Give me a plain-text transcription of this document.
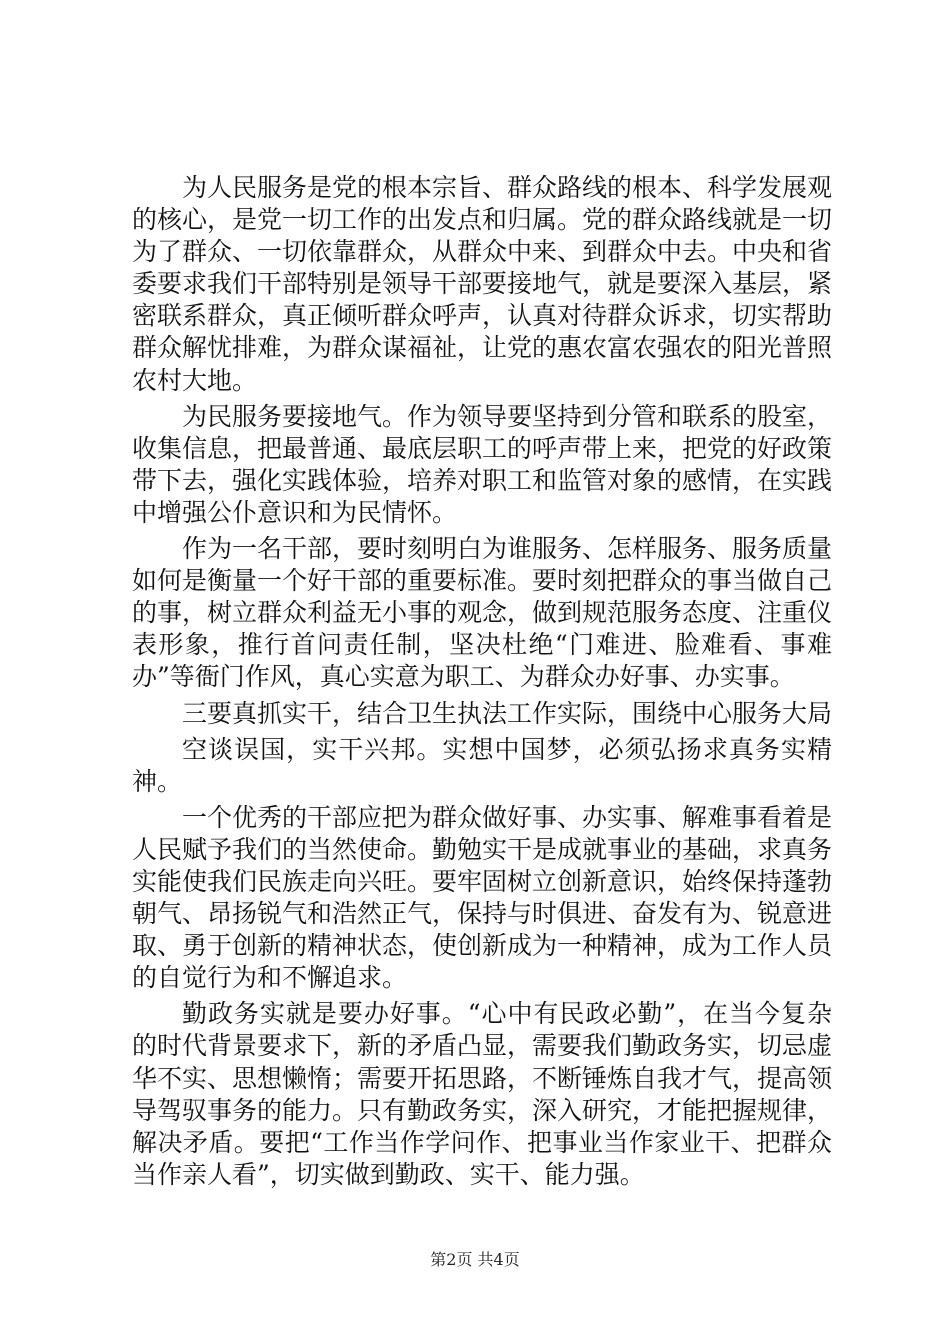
为人民服务是党的根本宗旨、群众路线的根本、科学发展观的核心，是党一切工作的出发点和归属。党的群众路线就是一切为了群众、一切依靠群众，从群众中来、到群众中去。中央和省委要求我们干部特别是领导干部要接地气，就是要深入基层，紧密联系群众，真正倾听群众呼声，认真对待群众诉求，切实帮助群众解忧排难，为群众谋福祉，让党的惠农富农强农的阳光普照农村大地。

为民服务要接地气。作为领导要坚持到分管和联系的股室，收集信息，把最普通、最底层职工的呼声带上来，把党的好政策带下去，强化实践体验，培养对职工和监管对象的感情，在实践中增强公仆意识和为民情怀。

作为一名干部，要时刻明白为谁服务、怎样服务、服务质量如何是衡量一个好干部的重要标准。要时刻把群众的事当做自己的事，树立群众利益无小事的观念，做到规范服务态度、注重仪表形象，推行首问责任制，坚决杜绝“门难进、脸难看、事难办”等衙门作风，真心实意为职工、为群众办好事、办实事。

三要真抓实干，结合卫生执法工作实际，围绕中心服务大局

空谈误国，实干兴邦。实想中国梦，必须弘扬求真务实精神。

一个优秀的干部应把为群众做好事、办实事、解难事看着是人民赋予我们的当然使命。勤勉实干是成就事业的基础，求真务实能使我们民族走向兴旺。要牢固树立创新意识，始终保持蓬勃朝气、昂扬锐气和浩然正气，保持与时俱进、奋发有为、锐意进取、勇于创新的精神状态，使创新成为一种精神，成为工作人员的自觉行为和不懈追求。

勤政务实就是要办好事。“心中有民政必勤”，在当今复杂的时代背景要求下，新的矛盾凸显，需要我们勤政务实，切忌虚华不实、思想懒惰；需要开拓思路，不断锤炼自我才气，提高领导驾驭事务的能力。只有勤政务实，深入研究，才能把握规律，解决矛盾。要把“工作当作学问作、把事业当作家业干、把群众当作亲人看”，切实做到勤政、实干、能力强。

第2页 共4页
